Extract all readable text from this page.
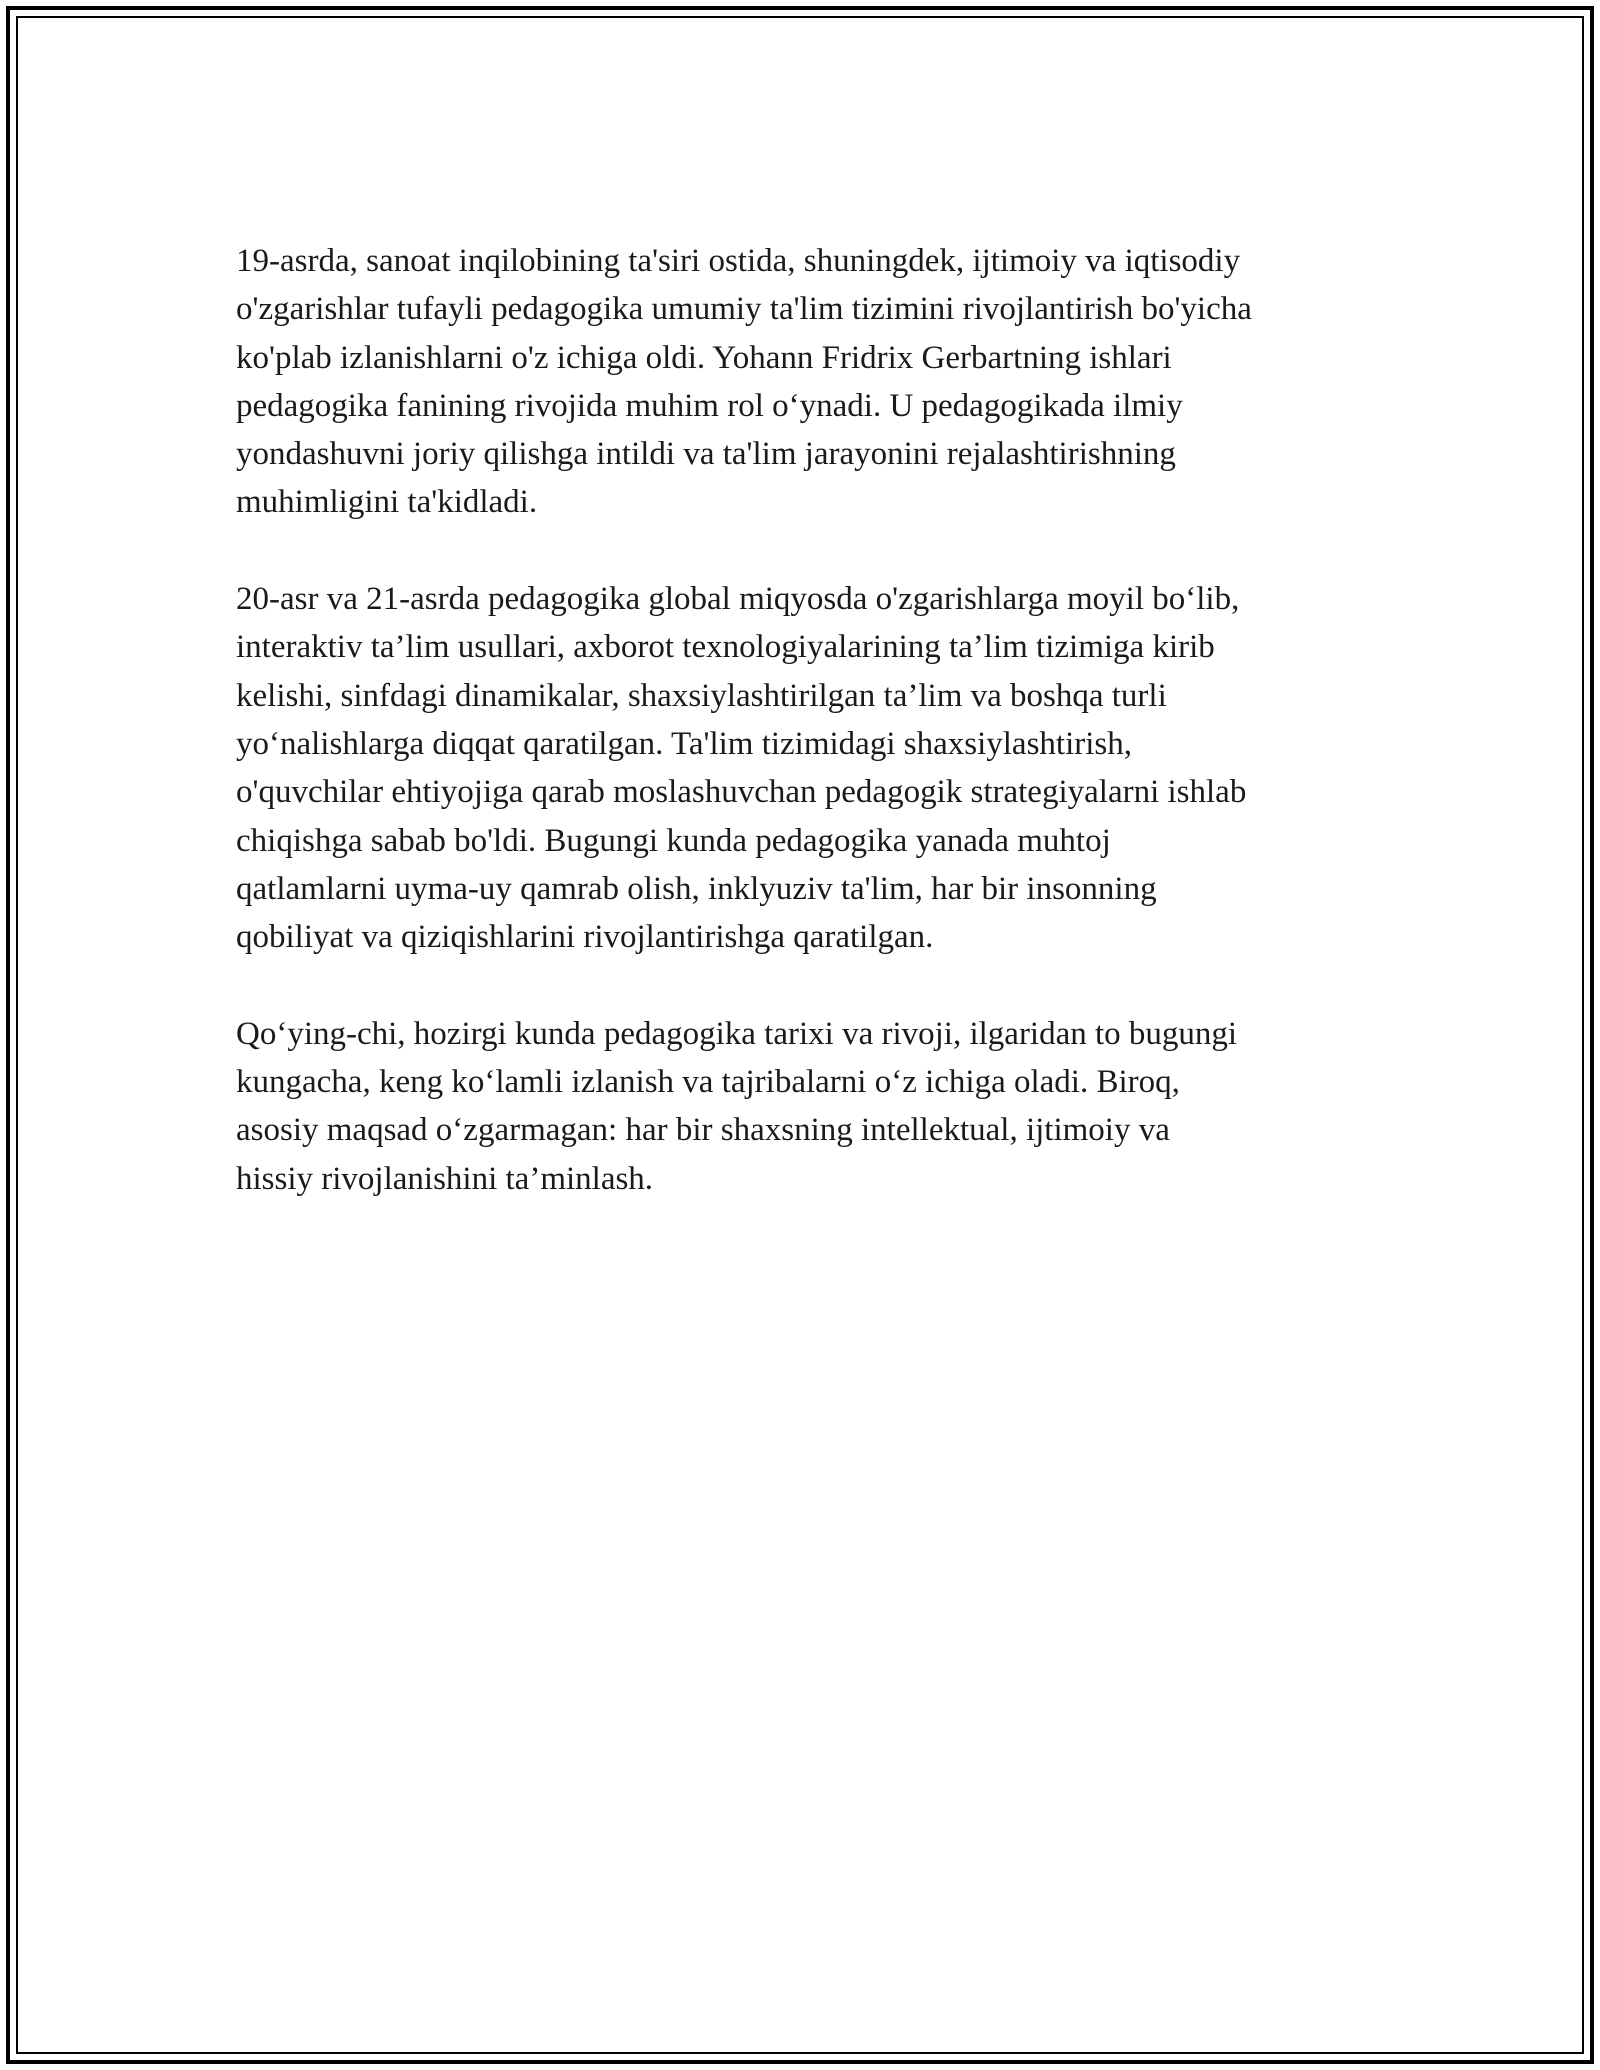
19-asrda, sanoat inqilobining ta'siri ostida, shuningdek, ijtimoiy va iqtisodiy
o'zgarishlar tufayli pedagogika umumiy ta'lim tizimini rivojlantirish bo'yicha
ko'plab izlanishlarni o'z ichiga oldi. Yohann Fridrix Gerbartning ishlari
pedagogika fanining rivojida muhim rol o‘ynadi. U pedagogikada ilmiy
yondashuvni joriy qilishga intildi va ta'lim jarayonini rejalashtirishning
muhimligini ta'kidladi.

20-asr va 21-asrda pedagogika global miqyosda o'zgarishlarga moyil bo‘lib,
interaktiv ta’lim usullari, axborot texnologiyalarining ta’lim tizimiga kirib
kelishi, sinfdagi dinamikalar, shaxsiylashtirilgan ta’lim va boshqa turli
yo‘nalishlarga diqqat qaratilgan. Ta'lim tizimidagi shaxsiylashtirish,
o'quvchilar ehtiyojiga qarab moslashuvchan pedagogik strategiyalarni ishlab
chiqishga sabab bo'ldi. Bugungi kunda pedagogika yanada muhtoj
qatlamlarni uyma-uy qamrab olish, inklyuziv ta'lim, har bir insonning
qobiliyat va qiziqishlarini rivojlantirishga qaratilgan.

Qo‘ying-chi, hozirgi kunda pedagogika tarixi va rivoji, ilgaridan to bugungi
kungacha, keng ko‘lamli izlanish va tajribalarni o‘z ichiga oladi. Biroq,
asosiy maqsad o‘zgarmagan: har bir shaxsning intellektual, ijtimoiy va
hissiy rivojlanishini ta’minlash.
